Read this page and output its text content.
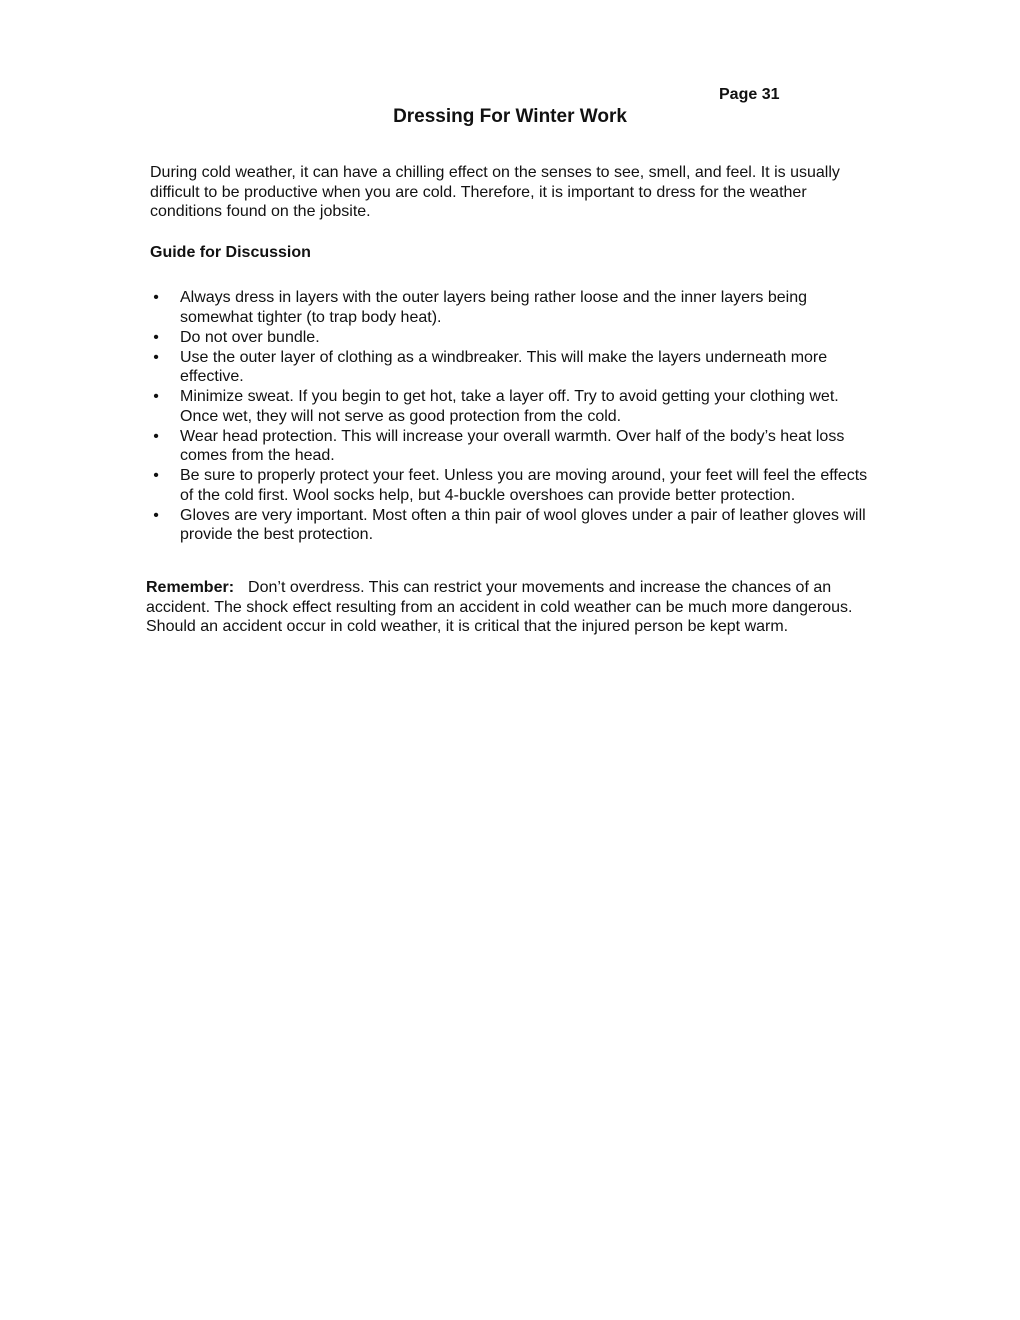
Page 31
Dressing For Winter Work

During cold weather, it can have a chilling effect on the senses to see, smell, and feel. It is usually difficult to be productive when you are cold. Therefore, it is important to dress for the weather conditions found on the jobsite.

Guide for Discussion
• Always dress in layers with the outer layers being rather loose and the inner layers being somewhat tighter (to trap body heat).
• Do not over bundle.
• Use the outer layer of clothing as a windbreaker. This will make the layers underneath more effective.
• Minimize sweat. If you begin to get hot, take a layer off. Try to avoid getting your clothing wet. Once wet, they will not serve as good protection from the cold.
• Wear head protection. This will increase your overall warmth. Over half of the body’s heat loss comes from the head.
• Be sure to properly protect your feet. Unless you are moving around, your feet will feel the effects of the cold first. Wool socks help, but 4-buckle overshoes can provide better protection.
• Gloves are very important. Most often a thin pair of wool gloves under a pair of leather gloves will provide the best protection.

Remember: Don’t overdress. This can restrict your movements and increase the chances of an accident. The shock effect resulting from an accident in cold weather can be much more dangerous. Should an accident occur in cold weather, it is critical that the injured person be kept warm.
